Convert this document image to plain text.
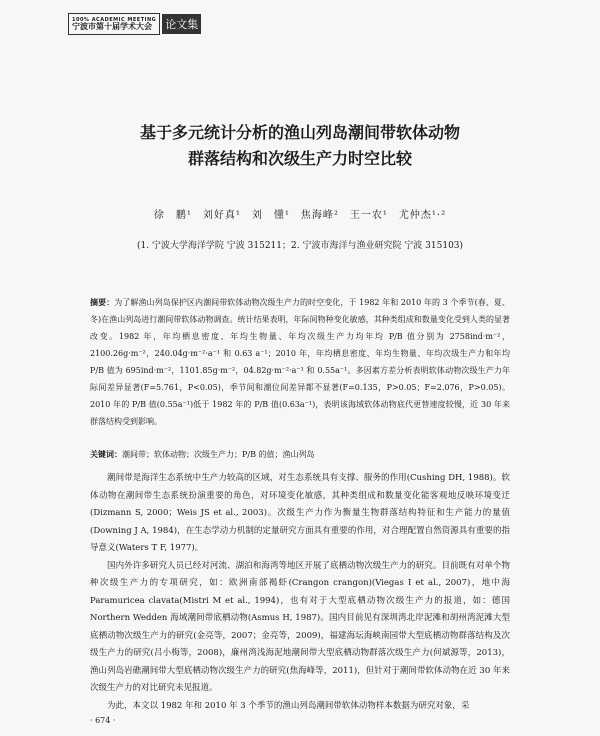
100% ACADEMIC MEETING
宁波市第十届学术大会	论文集
基于多元统计分析的渔山列岛潮间带软体动物
群落结构和次级生产力时空比较
徐　鹏¹　刘好真¹　刘　懂¹　焦海峰²　王一农¹　尤仲杰¹·²
(1. 宁波大学海洋学院 宁波 315211；2. 宁波市海洋与渔业研究院 宁波 315103)
摘要：为了解渔山列岛保护区内潮间带软体动物次级生产力的时空变化，于 1982 年和 2010 年的 3 个季节(春、夏、冬)在渔山列岛进行潮间带软体动物调查。统计结果表明，年际间物种变化敏感，其种类组成和数量变化受到人类的显著改变。1982 年，年均栖息密度、年均生物量、年均次级生产力均年均 P/B 值分别为 2758ind·m⁻²，2100.26g·m⁻²，240.04g·m⁻²·a⁻¹ 和 0.63 a⁻¹；2010 年，年均栖息密度、年均生物量、年均次级生产力和年均 P/B 值为 695ind·m⁻²，1101.85g·m⁻²，04.82g·m⁻²·a⁻¹ 和 0.55a⁻¹。多因素方差分析表明软体动物次级生产力年际间差异显著(F=5.761，P<0.05)，季节间和潮位间差异都不显著(F=0.135，P>0.05；F=2.076，P>0.05)。2010 年的 P/B 值(0.55a⁻¹)低于 1982 年的 P/B 值(0.63a⁻¹)，表明该海域软体动物底代更替速度较慢，近 30 年来群落结构受到影响。
关键词：潮间带；软体动物；次级生产力；P/B 的值；渔山列岛

潮间带是海洋生态系统中生产力较高的区域，对生态系统具有支撑、服务的作用(Cushing DH, 1988)。软体动物在潮间带生态系统扮演重要的角色，对环境变化敏感，其种类组成和数量变化能客观地反映环境变迁(Dizmann S, 2000；Weis JS et al., 2003)。次级生产力作为衡量生物群落结构特征和生产能力的量值(Downing J A, 1984)，在生态学动力机制的定量研究方面具有重要的作用，对合理配置自然资源具有重要的指导意义(Waters T F, 1977)。

国内外许多研究人员已经对河流、湖泊和海湾等地区开展了底栖动物次级生产力的研究。目前既有对单个物种次级生产力的专项研究，如：欧洲南部褐虾(Crangon crangon)(Viegas I et al., 2007)，地中海 Paramuricea clavata(Mistri M et al., 1994)，也有对于大型底栖动物次级生产力的报道，如：德国 Northern Wedden 海域潮间带底栖动物(Asmus H, 1987)。国内目前见有深圳湾北岸泥滩和胡州湾泥滩大型底栖动物次级生产力的研究(金亮等，2007；金亮等，2009)，福建海坛海峡南园带大型底栖动物群落结构及次级生产力的研究(吕小梅等，2008)，廉州湾浅海泥地潮间带大型底栖动物群落次级生产力(何斌源等，2013)，渔山列岛岩礁潮间带大型底栖动物次级生产力的研究(焦海峰等，2011)，但针对于潮间带软体动物在近 30 年来次级生产力的对比研究未见报道。

为此，本文以 1982 年和 2010 年 3 个季节的渔山列岛潮间带软体动物样本数据为研究对象，采

· 674 ·
